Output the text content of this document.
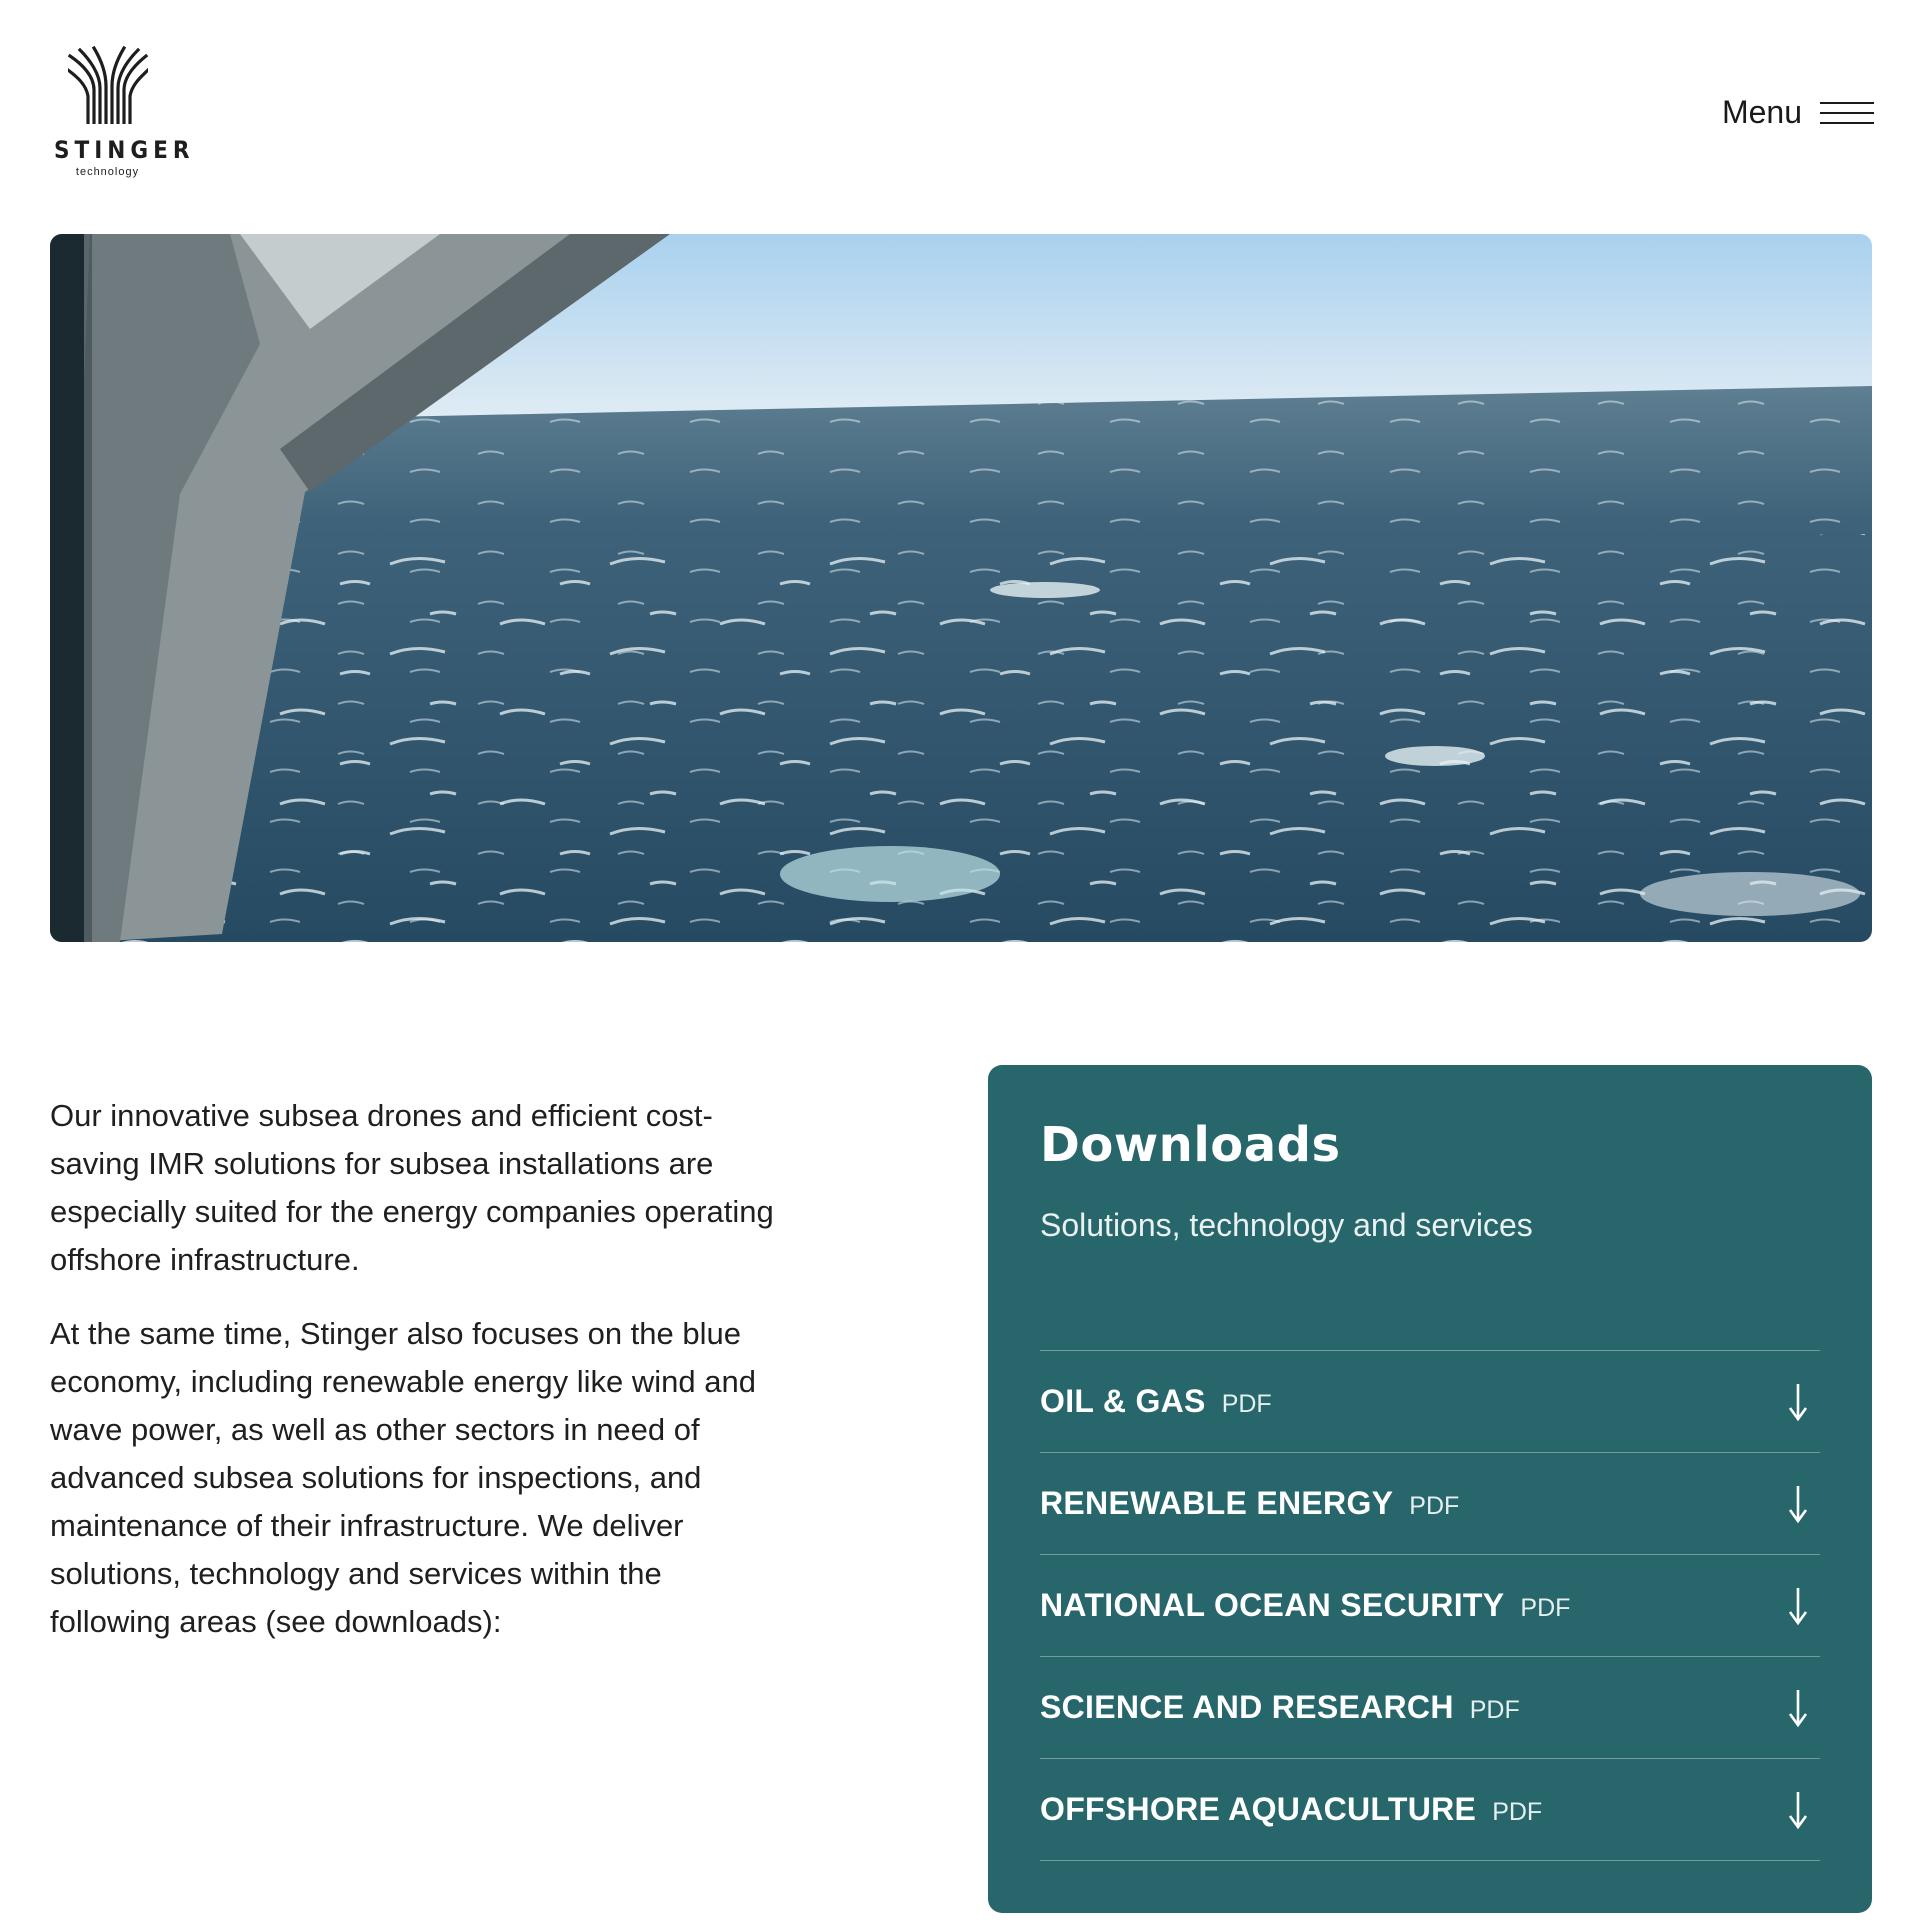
STINGER
technology
Menu

Our innovative subsea drones and efficient cost-saving IMR solutions for subsea installations are especially suited for the energy companies operating offshore infrastructure.

At the same time, Stinger also focuses on the blue economy, including renewable energy like wind and wave power, as well as other sectors in need of advanced subsea solutions for inspections, and maintenance of their infrastructure. We deliver solutions, technology and services within the following areas (see downloads):

Downloads

Solutions, technology and services

OIL & GAS PDF
RENEWABLE ENERGY PDF
NATIONAL OCEAN SECURITY PDF
SCIENCE AND RESEARCH PDF
OFFSHORE AQUACULTURE PDF
